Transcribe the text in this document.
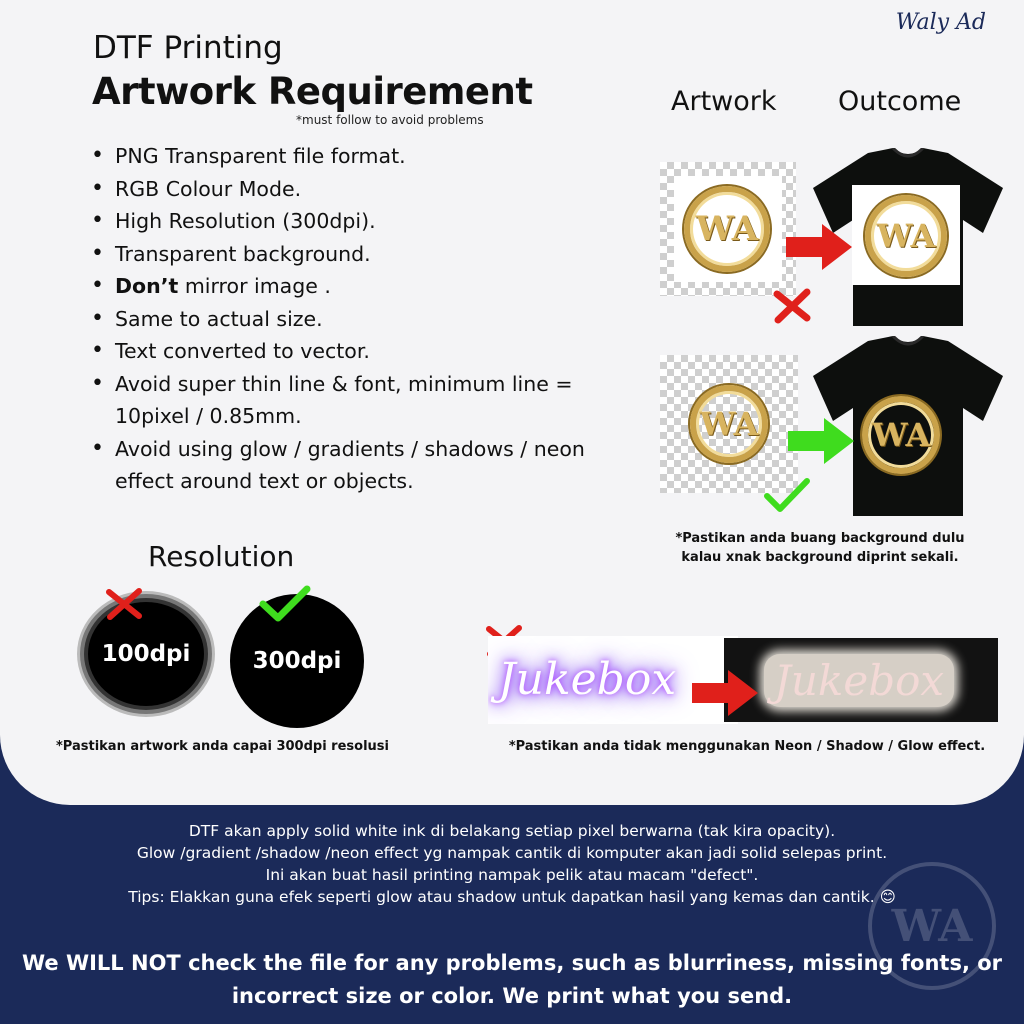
Waly Ad
DTF Printing
Artwork Requirement
*must follow to avoid problems
• PNG Transparent file format.
• RGB Colour Mode.
• High Resolution (300dpi).
• Transparent background.
• Don’t mirror image .
• Same to actual size.
• Text converted to vector.
• Avoid super thin line & font, minimum line = 10pixel / 0.85mm.
• Avoid using glow / gradients / shadows / neon effect around text or objects.
Artwork Outcome
WA	WA
WA	WA
*Pastikan anda buang background dulu
kalau xnak background diprint sekali.
Resolution
100dpi	300dpi
*Pastikan artwork anda capai 300dpi resolusi
Jukebox Jukebox
*Pastikan anda tidak menggunakan Neon / Shadow / Glow effect.
WA
DTF akan apply solid white ink di belakang setiap pixel berwarna (tak kira opacity).
Glow /gradient /shadow /neon effect yg nampak cantik di komputer akan jadi solid selepas print.
Ini akan buat hasil printing nampak pelik atau macam "defect".
Tips: Elakkan guna efek seperti glow atau shadow untuk dapatkan hasil yang kemas dan cantik. 😊
We WILL NOT check the file for any problems, such as blurriness, missing fonts, or
incorrect size or color. We print what you send.
